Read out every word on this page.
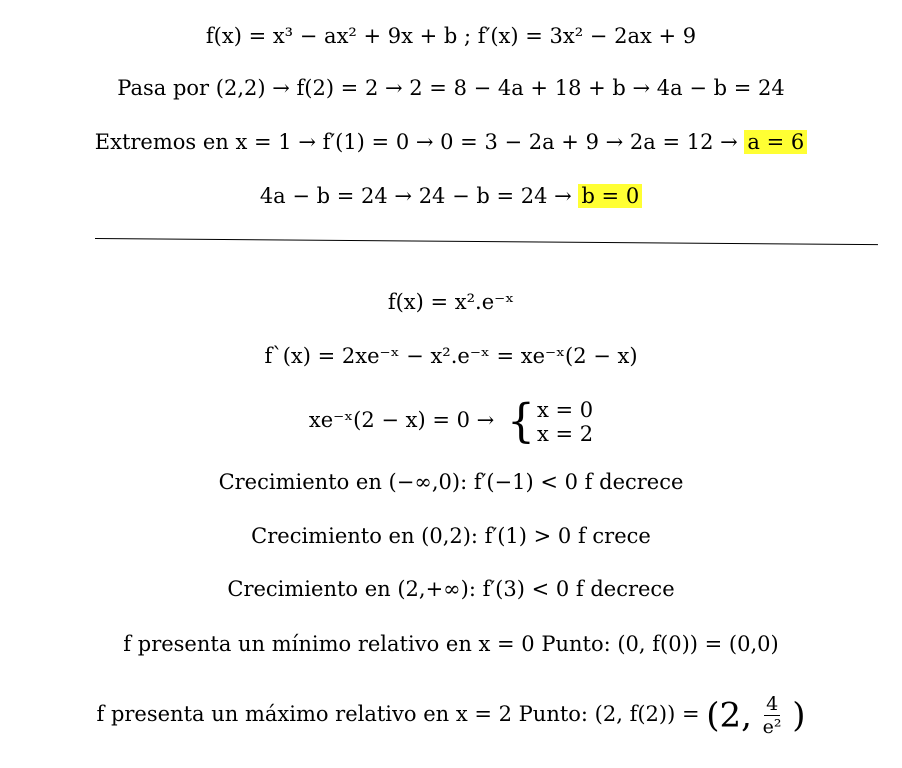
f(x) = x³ − ax² + 9x + b ; f′(x) = 3x² − 2ax + 9
Pasa por (2,2) → f(2) = 2 → 2 = 8 − 4a + 18 + b → 4a − b = 24
Extremos en x = 1 → f′(1) = 0 → 0 = 3 − 2a + 9 → 2a = 12 → a = 6
4a − b = 24 → 24 − b = 24 → b = 0
f(x) = x².e⁻ˣ
f`(x) = 2xe⁻ˣ − x².e⁻ˣ = xe⁻ˣ(2 − x)
xe⁻ˣ(2 − x) = 0 → { x = 0
x = 2
Crecimiento en (−∞,0): f′(−1) < 0 f decrece
Crecimiento en (0,2): f′(1) > 0 f crece
Crecimiento en (2,+∞): f′(3) < 0 f decrece
f presenta un mínimo relativo en x = 0 Punto: (0, f(0)) = (0,0)
f presenta un máximo relativo en x = 2 Punto: (2, f(2)) = (2, $\frac{4}{\text{e²}}$ )
